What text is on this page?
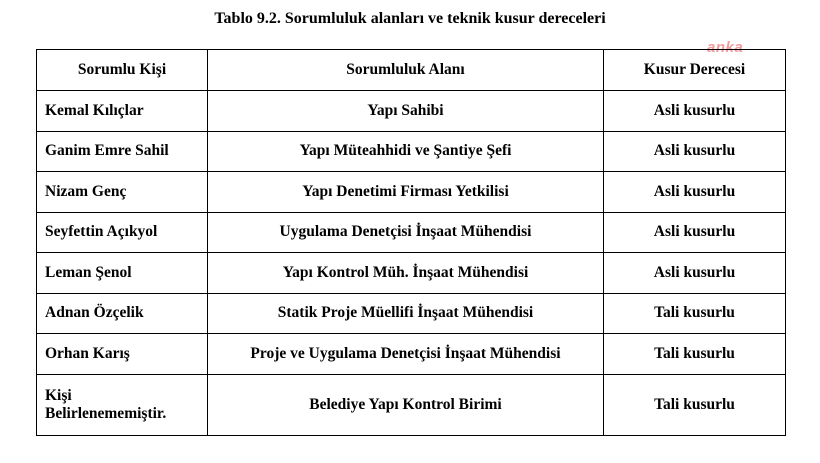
Tablo 9.2. Sorumluluk alanları ve teknik kusur dereceleri
anka
Sorumlu Kişi	Sorumluluk Alanı	Kusur Derecesi
Kemal Kılıçlar	Yapı Sahibi	Asli kusurlu
Ganim Emre Sahil	Yapı Müteahhidi ve Şantiye Şefi	Asli kusurlu
Nizam Genç	Yapı Denetimi Firması Yetkilisi	Asli kusurlu
Seyfettin Açıkyol	Uygulama Denetçisi İnşaat Mühendisi	Asli kusurlu
Leman Şenol	Yapı Kontrol Müh. İnşaat Mühendisi	Asli kusurlu
Adnan Özçelik	Statik Proje Müellifi İnşaat Mühendisi	Tali kusurlu
Orhan Karış	Proje ve Uygulama Denetçisi İnşaat Mühendisi	Tali kusurlu
Kişi
Belirlenememiştir.	Belediye Yapı Kontrol Birimi	Tali kusurlu
